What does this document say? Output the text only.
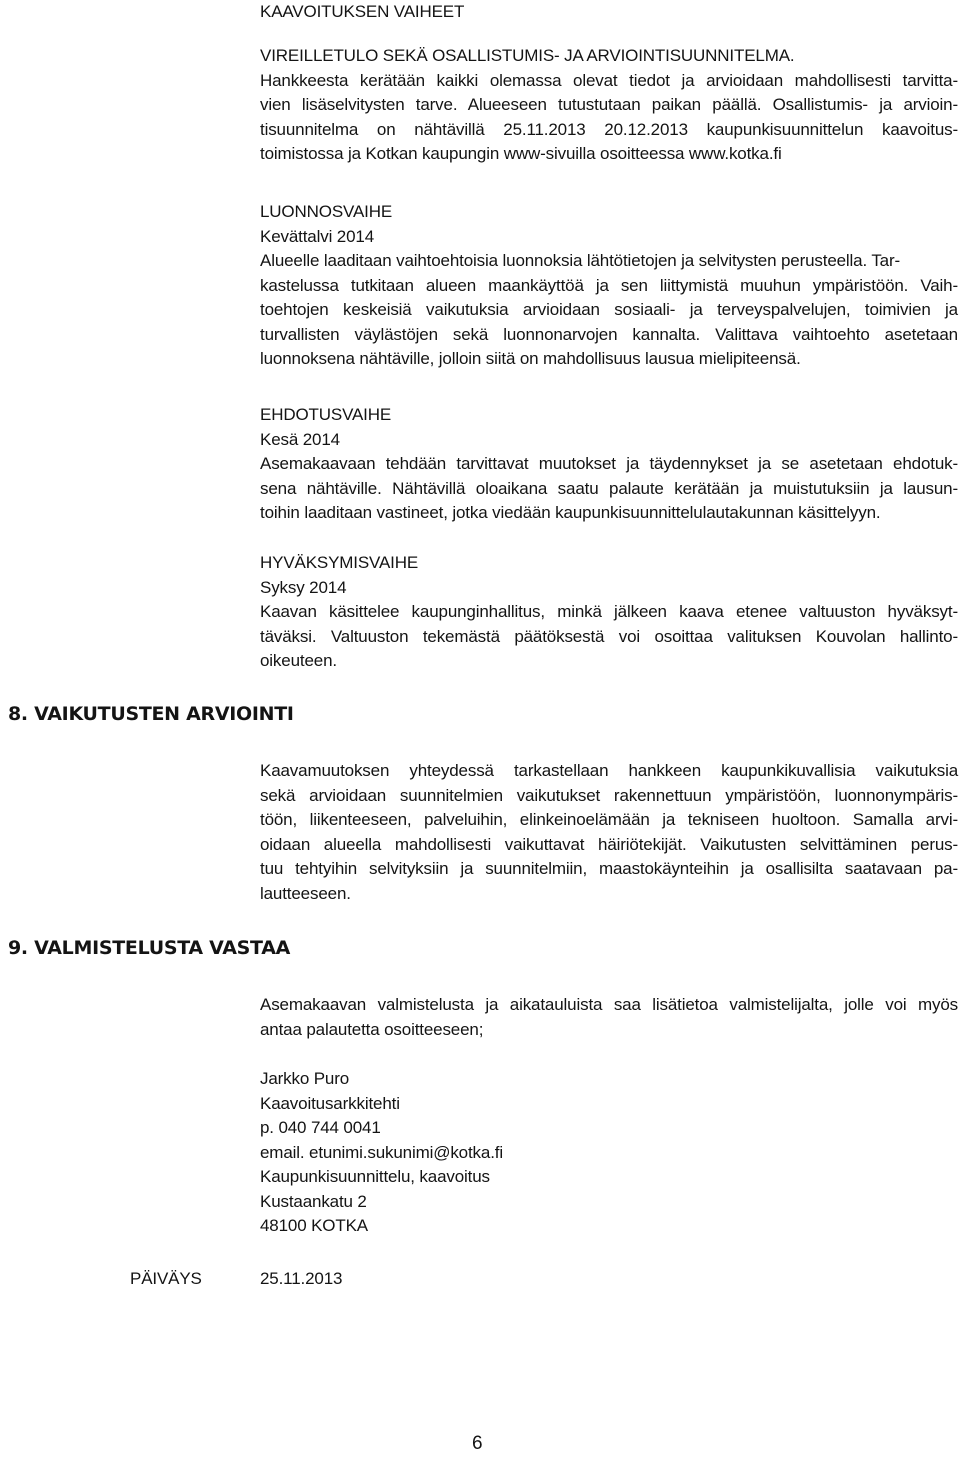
KAAVOITUKSEN VAIHEET
VIREILLETULO SEKÄ OSALLISTUMIS- JA ARVIOINTISUUNNITELMA.
Hankkeesta kerätään kaikki olemassa olevat tiedot ja arvioidaan mahdollisesti tarvitta-
vien lisäselvitysten tarve. Alueeseen tutustutaan paikan päällä. Osallistumis- ja arvioin-
tisuunnitelma on nähtävillä 25.11.2013 20.12.2013 kaupunkisuunnittelun kaavoitus-
toimistossa ja Kotkan kaupungin www-sivuilla osoitteessa www.kotka.fi
LUONNOSVAIHE
Kevättalvi 2014
Alueelle laaditaan vaihtoehtoisia luonnoksia lähtötietojen ja selvitysten perusteella. Tar-
kastelussa tutkitaan alueen maankäyttöä ja sen liittymistä muuhun ympäristöön. Vaih-
toehtojen keskeisiä vaikutuksia arvioidaan sosiaali- ja terveyspalvelujen, toimivien ja
turvallisten väylästöjen sekä luonnonarvojen kannalta. Valittava vaihtoehto asetetaan
luonnoksena nähtäville, jolloin siitä on mahdollisuus lausua mielipiteensä.
EHDOTUSVAIHE
Kesä 2014
Asemakaavaan tehdään tarvittavat muutokset ja täydennykset ja se asetetaan ehdotuk-
sena nähtäville. Nähtävillä oloaikana saatu palaute kerätään ja muistutuksiin ja lausun-
toihin laaditaan vastineet, jotka viedään kaupunkisuunnittelulautakunnan käsittelyyn.
HYVÄKSYMISVAIHE
Syksy 2014
Kaavan käsittelee kaupunginhallitus, minkä jälkeen kaava etenee valtuuston hyväksyt-
täväksi. Valtuuston tekemästä päätöksestä voi osoittaa valituksen Kouvolan hallinto-
oikeuteen.
8. VAIKUTUSTEN ARVIOINTI
Kaavamuutoksen yhteydessä tarkastellaan hankkeen kaupunkikuvallisia vaikutuksia
sekä arvioidaan suunnitelmien vaikutukset rakennettuun ympäristöön, luonnonympäris-
töön, liikenteeseen, palveluihin, elinkeinoelämään ja tekniseen huoltoon. Samalla arvi-
oidaan alueella mahdollisesti vaikuttavat häiriötekijät. Vaikutusten selvittäminen perus-
tuu tehtyihin selvityksiin ja suunnitelmiin, maastokäynteihin ja osallisilta saatavaan pa-
lautteeseen.
9. VALMISTELUSTA VASTAA
Asemakaavan valmistelusta ja aikatauluista saa lisätietoa valmistelijalta, jolle voi myös
antaa palautetta osoitteeseen;
Jarkko Puro
Kaavoitusarkkitehti
p. 040 744 0041
email. etunimi.sukunimi@kotka.fi
Kaupunkisuunnittelu, kaavoitus
Kustaankatu 2
48100 KOTKA
PÄIVÄYS	25.11.2013
6
